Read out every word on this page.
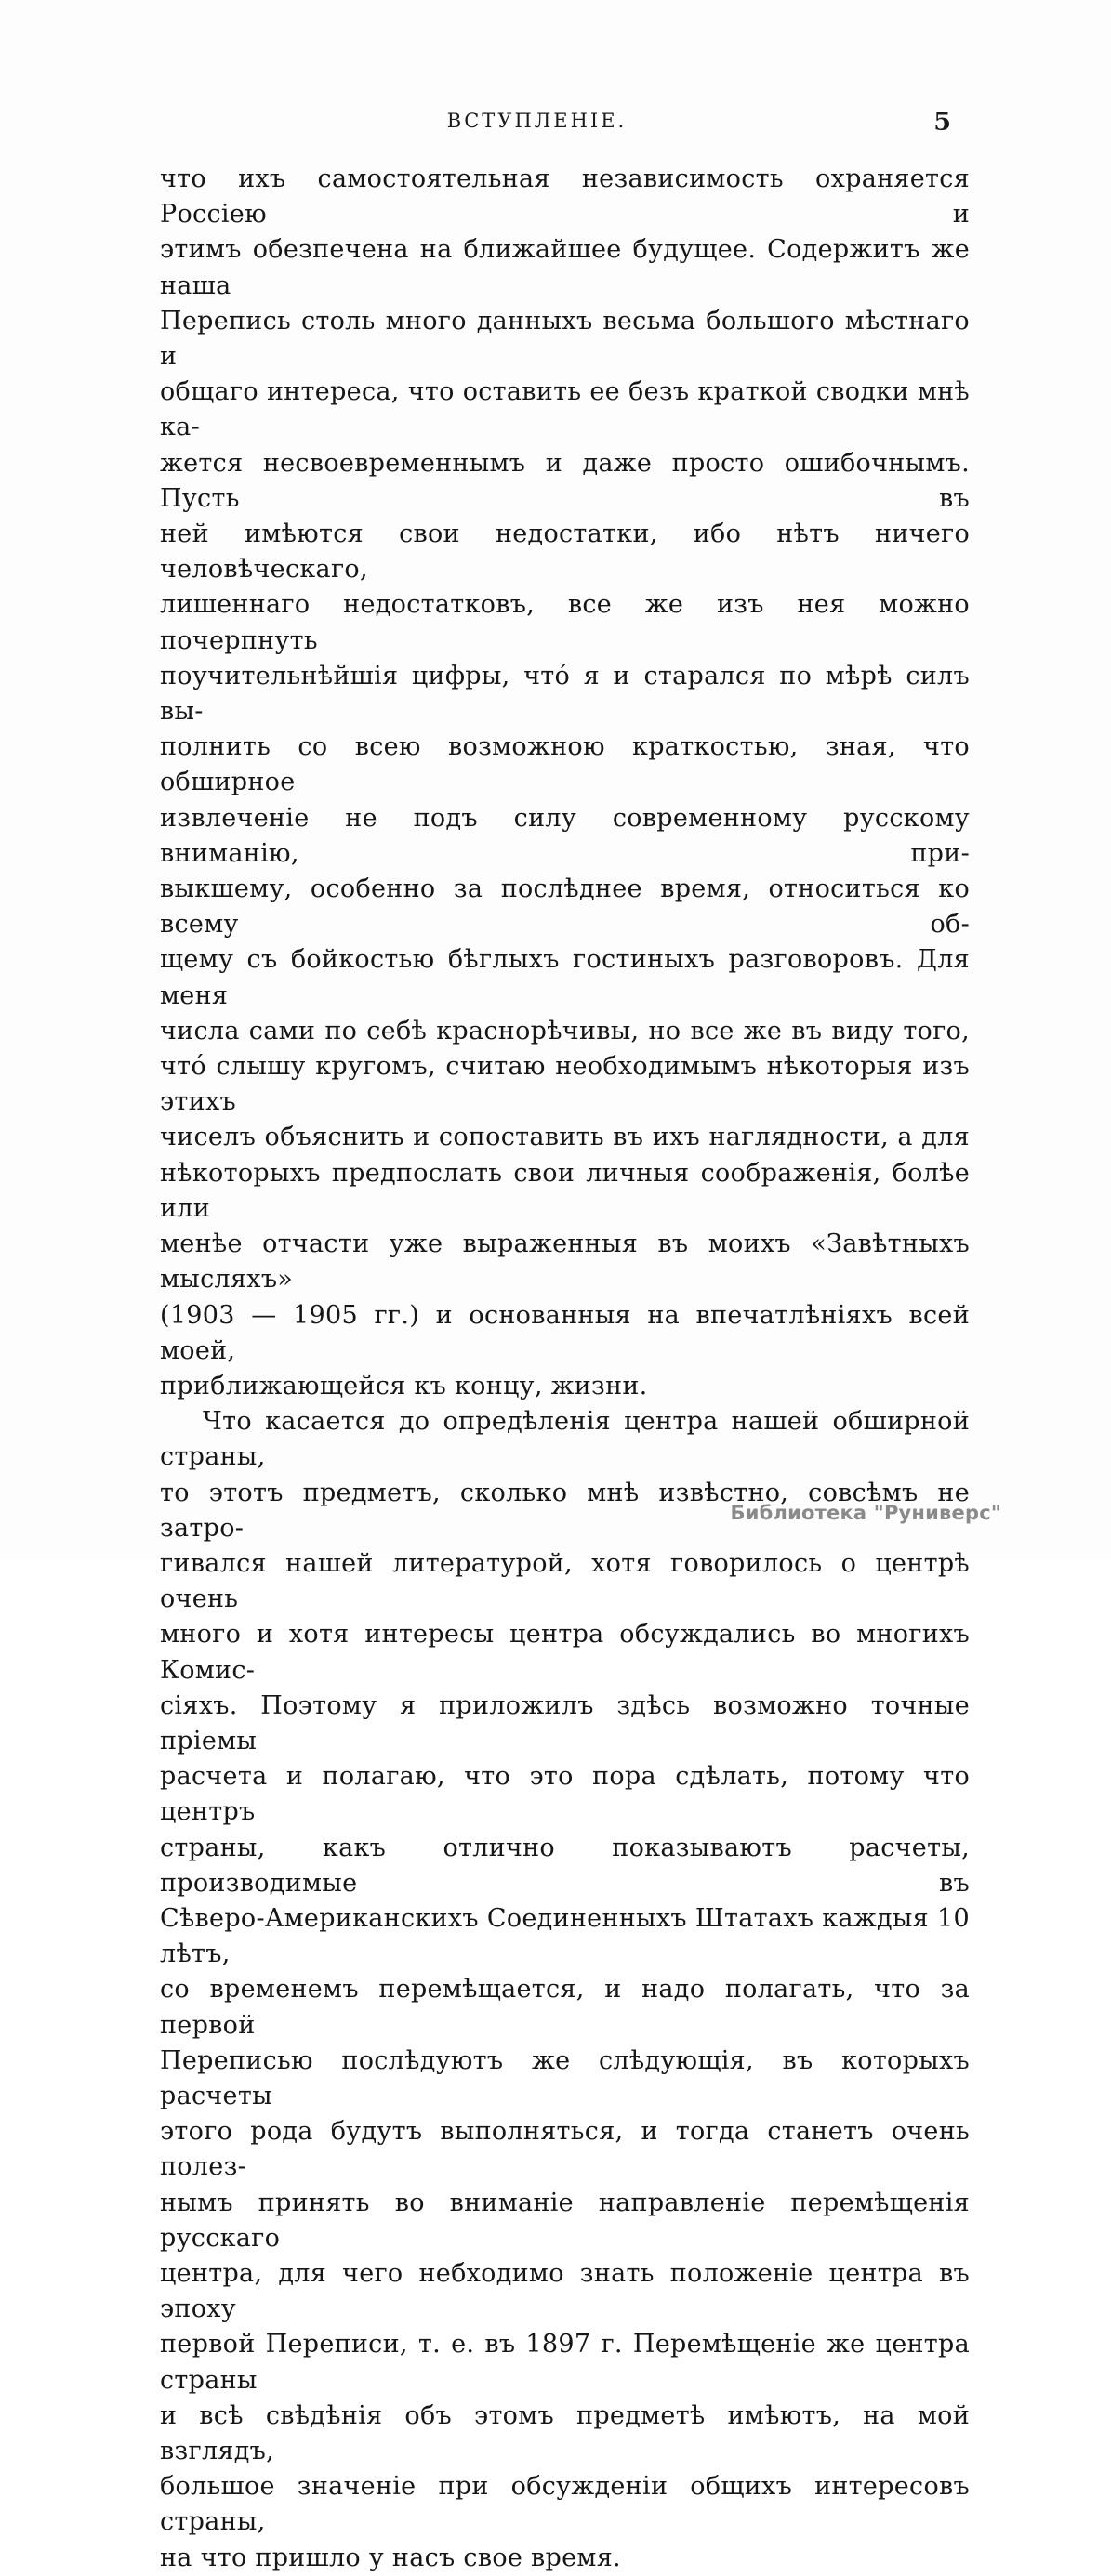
ВСТУПЛЕНІЕ.	5
что ихъ самостоятельная независимость охраняется Россіею и
этимъ обезпечена на ближайшее будущее. Содержитъ же наша
Перепись столь много данныхъ весьма большого мѣстнаго и
общаго интереса, что оставить ее безъ краткой сводки мнѣ ка-
жется несвоевременнымъ и даже просто ошибочнымъ. Пусть въ
ней имѣются свои недостатки, ибо нѣтъ ничего человѣческаго,
лишеннаго недостатковъ, все же изъ нея можно почерпнуть
поучительнѣйшія цифры, что́ я и старался по мѣрѣ силъ вы-
полнить со всею возможною краткостью, зная, что обширное
извлеченіе не подъ силу современному русскому вниманію, при-
выкшему, особенно за послѣднее время, относиться ко всему об-
щему съ бойкостью бѣглыхъ гостиныхъ разговоровъ. Для меня
числа сами по себѣ краснорѣчивы, но все же въ виду того,
что́ слышу кругомъ, считаю необходимымъ нѣкоторыя изъ этихъ
чиселъ объяснить и сопоставить въ ихъ наглядности, а для
нѣкоторыхъ предпослать свои личныя соображенія, болѣе или
менѣе отчасти уже выраженныя въ моихъ «Завѣтныхъ мысляхъ»
(1903 — 1905 гг.) и основанныя на впечатлѣніяхъ всей моей,
приближающейся къ концу, жизни.
Что касается до опредѣленія центра нашей обширной страны,
то этотъ предметъ, сколько мнѣ извѣстно, совсѣмъ не затро-
гивался нашей литературой, хотя говорилось о центрѣ очень
много и хотя интересы центра обсуждались во многихъ Комис-
сіяхъ. Поэтому я приложилъ здѣсь возможно точные пріемы
расчета и полагаю, что это пора сдѣлать, потому что центръ
страны, какъ отлично показываютъ расчеты, производимые въ
Сѣверо-Американскихъ Соединенныхъ Штатахъ каждыя 10 лѣтъ,
со временемъ перемѣщается, и надо полагать, что за первой
Переписью послѣдуютъ же слѣдующія, въ которыхъ расчеты
этого рода будутъ выполняться, и тогда станетъ очень полез-
нымъ принять во вниманіе направленіе перемѣщенія русскаго
центра, для чего небходимо знать положеніе центра въ эпоху
первой Переписи, т. е. въ 1897 г. Перемѣщеніе же центра страны
и всѣ свѣдѣнія объ этомъ предметѣ имѣютъ, на мой взглядъ,
большое значеніе при обсужденіи общихъ интересовъ страны,
на что пришло у насъ свое время.
Библиотека "Руниверс"
